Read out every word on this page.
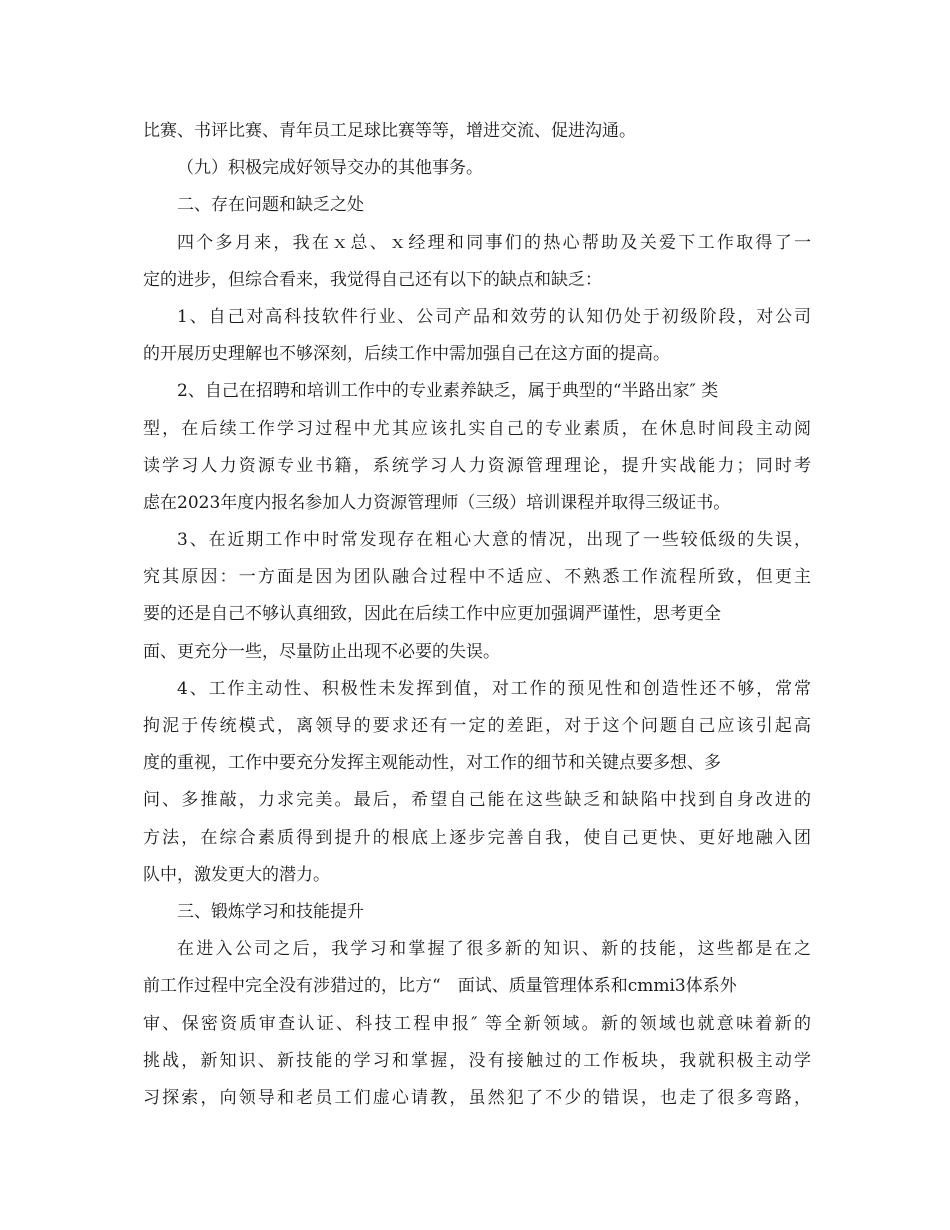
比赛、书评比赛、青年员工足球比赛等等，增进交流、促进沟通。
（九）积极完成好领导交办的其他事务。
二、存在问题和缺乏之处
四个多月来，我在ｘ总、ｘ经理和同事们的热心帮助及关爱下工作取得了一
定的进步，但综合看来，我觉得自己还有以下的缺点和缺乏：
1、自己对高科技软件行业、公司产品和效劳的认知仍处于初级阶段，对公司
的开展历史理解也不够深刻，后续工作中需加强自己在这方面的提高。
2、自己在招聘和培训工作中的专业素养缺乏，属于典型的“半路出家″ 类
型，在后续工作学习过程中尤其应该扎实自己的专业素质，在休息时间段主动阅
读学习人力资源专业书籍，系统学习人力资源管理理论，提升实战能力；同时考
虑在2023年度内报名参加人力资源管理师（三级）培训课程并取得三级证书。
3、在近期工作中时常发现存在粗心大意的情况，出现了一些较低级的失误，
究其原因：一方面是因为团队融合过程中不适应、不熟悉工作流程所致，但更主
要的还是自己不够认真细致，因此在后续工作中应更加强调严谨性，思考更全
面、更充分一些，尽量防止出现不必要的失误。
4、工作主动性、积极性未发挥到值，对工作的预见性和创造性还不够，常常
拘泥于传统模式，离领导的要求还有一定的差距，对于这个问题自己应该引起高
度的重视，工作中要充分发挥主观能动性，对工作的细节和关键点要多想、多
问、多推敲，力求完美。最后，希望自己能在这些缺乏和缺陷中找到自身改进的
方法，在综合素质得到提升的根底上逐步完善自我，使自己更快、更好地融入团
队中，激发更大的潜力。
三、锻炼学习和技能提升
在进入公司之后，我学习和掌握了很多新的知识、新的技能，这些都是在之
前工作过程中完全没有涉猎过的，比方“　面试、质量管理体系和cmmi3体系外
审、保密资质审查认证、科技工程申报″ 等全新领域。新的领域也就意味着新的
挑战，新知识、新技能的学习和掌握，没有接触过的工作板块，我就积极主动学
习探索，向领导和老员工们虚心请教，虽然犯了不少的错误，也走了很多弯路，
